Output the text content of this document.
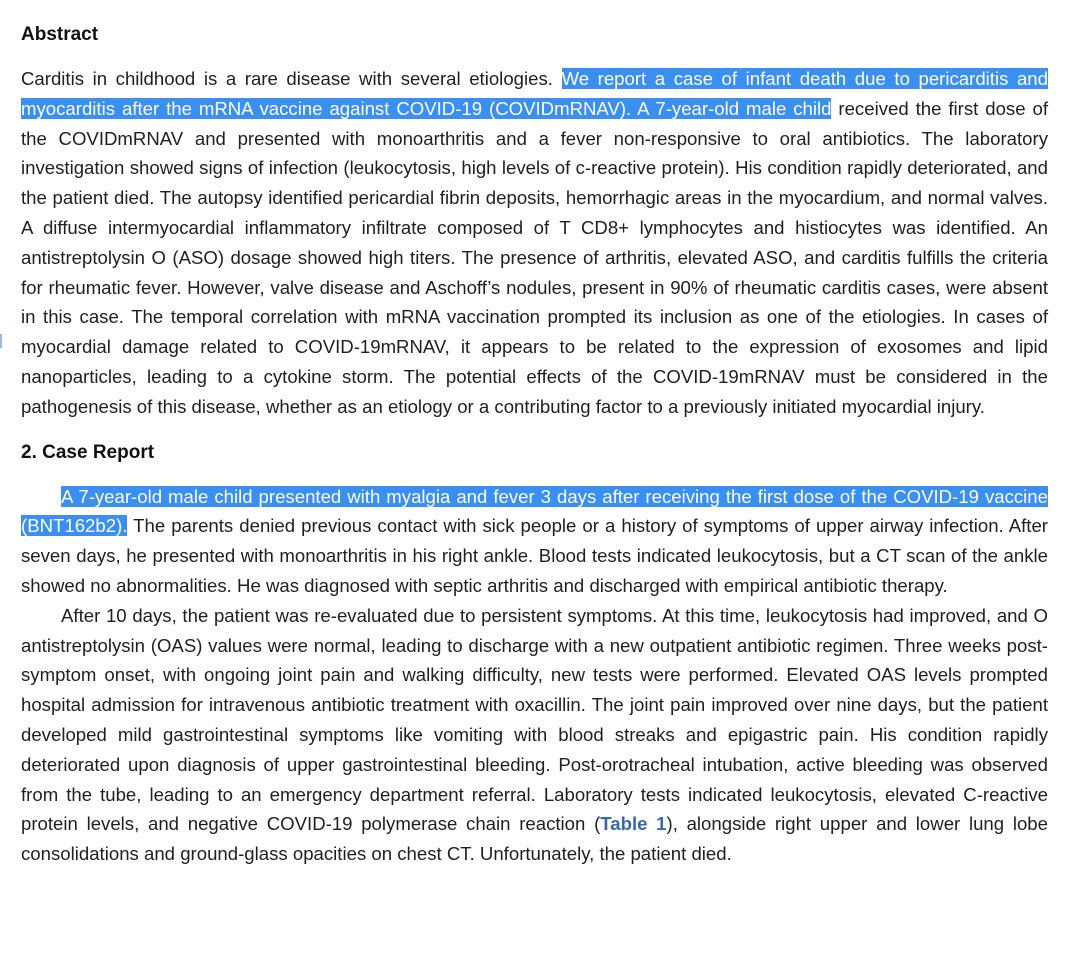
Abstract

Carditis in childhood is a rare disease with several etiologies. We report a case of infant death due to pericarditis and myocarditis after the mRNA vaccine against COVID-19 (COVIDmRNAV). A 7-year-old male child received the first dose of the COVIDmRNAV and presented with monoarthritis and a fever non-responsive to oral antibiotics. The laboratory investigation showed signs of infection (leukocytosis, high levels of c-reactive protein). His condition rapidly deteriorated, and the patient died. The autopsy identified pericardial fibrin deposits, hemorrhagic areas in the myocardium, and normal valves. A diffuse intermyocardial inflammatory infiltrate composed of T CD8+ lymphocytes and histiocytes was identified. An antistreptolysin O (ASO) dosage showed high titers. The presence of arthritis, elevated ASO, and carditis fulfills the criteria for rheumatic fever. However, valve disease and Aschoff’s nodules, present in 90% of rheumatic carditis cases, were absent in this case. The temporal correlation with mRNA vaccination prompted its inclusion as one of the etiologies. In cases of myocardial damage related to COVID-19mRNAV, it appears to be related to the expression of exosomes and lipid nanoparticles, leading to a cytokine storm. The potential effects of the COVID-19mRNAV must be considered in the pathogenesis of this disease, whether as an etiology or a contributing factor to a previously initiated myocardial injury.

2. Case Report

A 7-year-old male child presented with myalgia and fever 3 days after receiving the first dose of the COVID-19 vaccine (BNT162b2). The parents denied previous contact with sick people or a history of symptoms of upper airway infection. After seven days, he presented with monoarthritis in his right ankle. Blood tests indicated leukocytosis, but a CT scan of the ankle showed no abnormalities. He was diagnosed with septic arthritis and discharged with empirical antibiotic therapy.

After 10 days, the patient was re-evaluated due to persistent symptoms. At this time, leukocytosis had improved, and O antistreptolysin (OAS) values were normal, leading to discharge with a new outpatient antibiotic regimen. Three weeks post-symptom onset, with ongoing joint pain and walking difficulty, new tests were performed. Elevated OAS levels prompted hospital admission for intravenous antibiotic treatment with oxacillin. The joint pain improved over nine days, but the patient developed mild gastrointestinal symptoms like vomiting with blood streaks and epigastric pain. His condition rapidly deteriorated upon diagnosis of upper gastrointestinal bleeding. Post-orotracheal intubation, active bleeding was observed from the tube, leading to an emergency department referral. Laboratory tests indicated leukocytosis, elevated C-reactive protein levels, and negative COVID-19 polymerase chain reaction (Table 1), alongside right upper and lower lung lobe consolidations and ground-glass opacities on chest CT. Unfortunately, the patient died.
